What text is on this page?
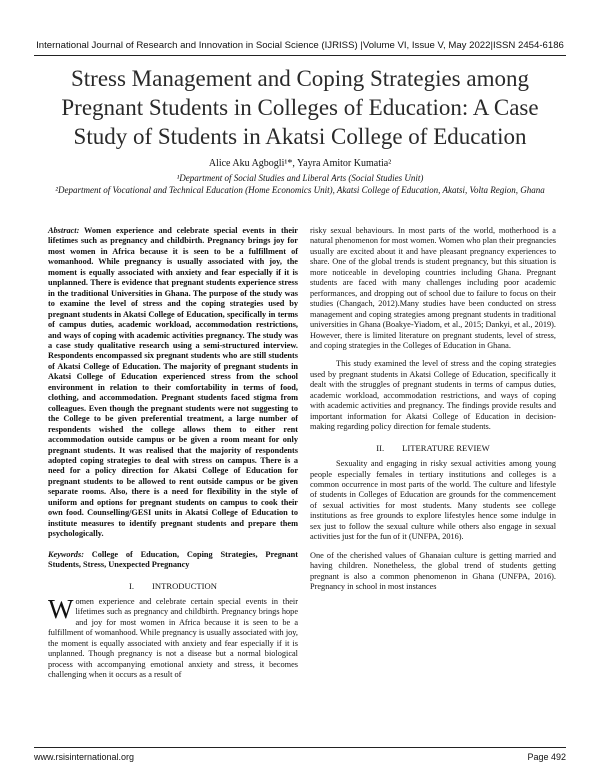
International Journal of Research and Innovation in Social Science (IJRISS) |Volume VI, Issue V, May 2022|ISSN 2454-6186
Stress Management and Coping Strategies among Pregnant Students in Colleges of Education: A Case Study of Students in Akatsi College of Education
Alice Aku Agbogli¹*, Yayra Amitor Kumatia²
¹Department of Social Studies and Liberal Arts (Social Studies Unit)
²Department of Vocational and Technical Education (Home Economics Unit), Akatsi College of Education, Akatsi, Volta Region, Ghana

Abstract: Women experience and celebrate special events in their lifetimes such as pregnancy and childbirth. Pregnancy brings joy for most women in Africa because it is seen to be a fulfillment of womanhood. While pregnancy is usually associated with joy, the moment is equally associated with anxiety and fear especially if it is unplanned. There is evidence that pregnant students experience stress in the traditional Universities in Ghana. The purpose of the study was to examine the level of stress and the coping strategies used by pregnant students in Akatsi College of Education, specifically in terms of campus duties, academic workload, accommodation restrictions, and ways of coping with academic activities pregnancy. The study was a case study qualitative research using a semi-structured interview. Respondents encompassed six pregnant students who are still students of Akatsi College of Education. The majority of pregnant students in Akatsi College of Education experienced stress from the school environment in relation to their comfortability in terms of food, clothing, and accommodation. Pregnant students faced stigma from colleagues. Even though the pregnant students were not suggesting to the College to be given preferential treatment, a large number of respondents wished the college allows them to either rent accommodation outside campus or be given a room meant for only pregnant students. It was realised that the majority of respondents adopted coping strategies to deal with stress on campus. There is a need for a policy direction for Akatsi College of Education for pregnant students to be allowed to rent outside campus or be given separate rooms. Also, there is a need for flexibility in the style of uniform and options for pregnant students on campus to cook their own food. Counselling/GESI units in Akatsi College of Education to institute measures to identify pregnant students and prepare them psychologically.

Keywords: College of Education, Coping Strategies, Pregnant Students, Stress, Unexpected Pregnancy

I. INTRODUCTION

Women experience and celebrate certain special events in their lifetimes such as pregnancy and childbirth. Pregnancy brings hope and joy for most women in Africa because it is seen to be a fulfillment of womanhood. While pregnancy is usually associated with joy, the moment is equally associated with anxiety and fear especially if it is unplanned. Though pregnancy is not a disease but a normal biological process with accompanying emotional anxiety and stress, it becomes challenging when it occurs as a result of

risky sexual behaviours. In most parts of the world, motherhood is a natural phenomenon for most women. Women who plan their pregnancies usually are excited about it and have pleasant pregnancy experiences to share. One of the global trends is student pregnancy, but this situation is more noticeable in developing countries including Ghana. Pregnant students are faced with many challenges including poor academic performances, and dropping out of school due to failure to focus on their studies (Changach, 2012).Many studies have been conducted on stress management and coping strategies among pregnant students in traditional universities in Ghana (Boakye-Yiadom, et al., 2015; Dankyi, et al., 2019). However, there is limited literature on pregnant students, level of stress, and coping strategies in the Colleges of Education in Ghana.

This study examined the level of stress and the coping strategies used by pregnant students in Akatsi College of Education, specifically it dealt with the struggles of pregnant students in terms of campus duties, academic workload, accommodation restrictions, and ways of coping with academic activities and pregnancy. The findings provide results and important information for Akatsi College of Education in decision-making regarding policy direction for female students.

II. LITERATURE REVIEW

Sexuality and engaging in risky sexual activities among young people especially females in tertiary institutions and colleges is a common occurrence in most parts of the world. The culture and lifestyle of students in Colleges of Education are grounds for the commencement of sexual activities for most students. Many students see college institutions as free grounds to explore lifestyles hence some indulge in sex just to follow the sexual culture while others also engage in sexual activities just for the fun of it (UNFPA, 2016).

One of the cherished values of Ghanaian culture is getting married and having children. Nonetheless, the global trend of students getting pregnant is also a common phenomenon in Ghana (UNFPA, 2016). Pregnancy in school in most instances

www.rsisinternational.org	Page 492
